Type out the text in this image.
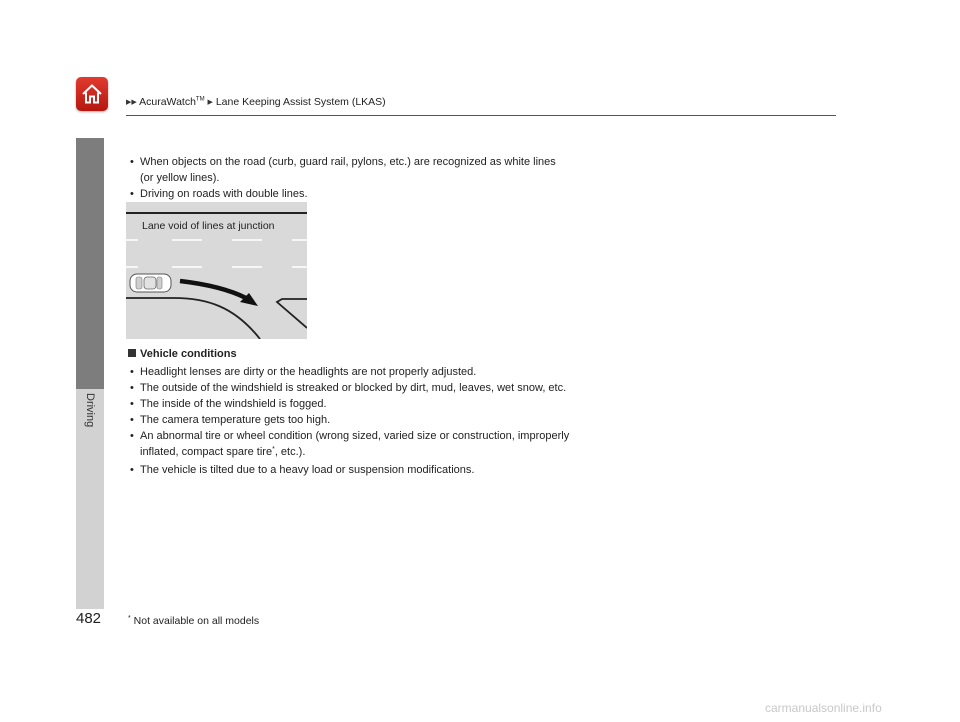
▶▶ AcuraWatch™ ▶ Lane Keeping Assist System (LKAS)
Driving
• When objects on the road (curb, guard rail, pylons, etc.) are recognized as white lines (or yellow lines).
• Driving on roads with double lines.
Lane void of lines at junction
Vehicle conditions
• Headlight lenses are dirty or the headlights are not properly adjusted.
• The outside of the windshield is streaked or blocked by dirt, mud, leaves, wet snow, etc.
• The inside of the windshield is fogged.
• The camera temperature gets too high.
• An abnormal tire or wheel condition (wrong sized, varied size or construction, improperly inflated, compact spare tire*, etc.).
• The vehicle is tilted due to a heavy load or suspension modifications.
482	* Not available on all models
carmanualsonline.info
